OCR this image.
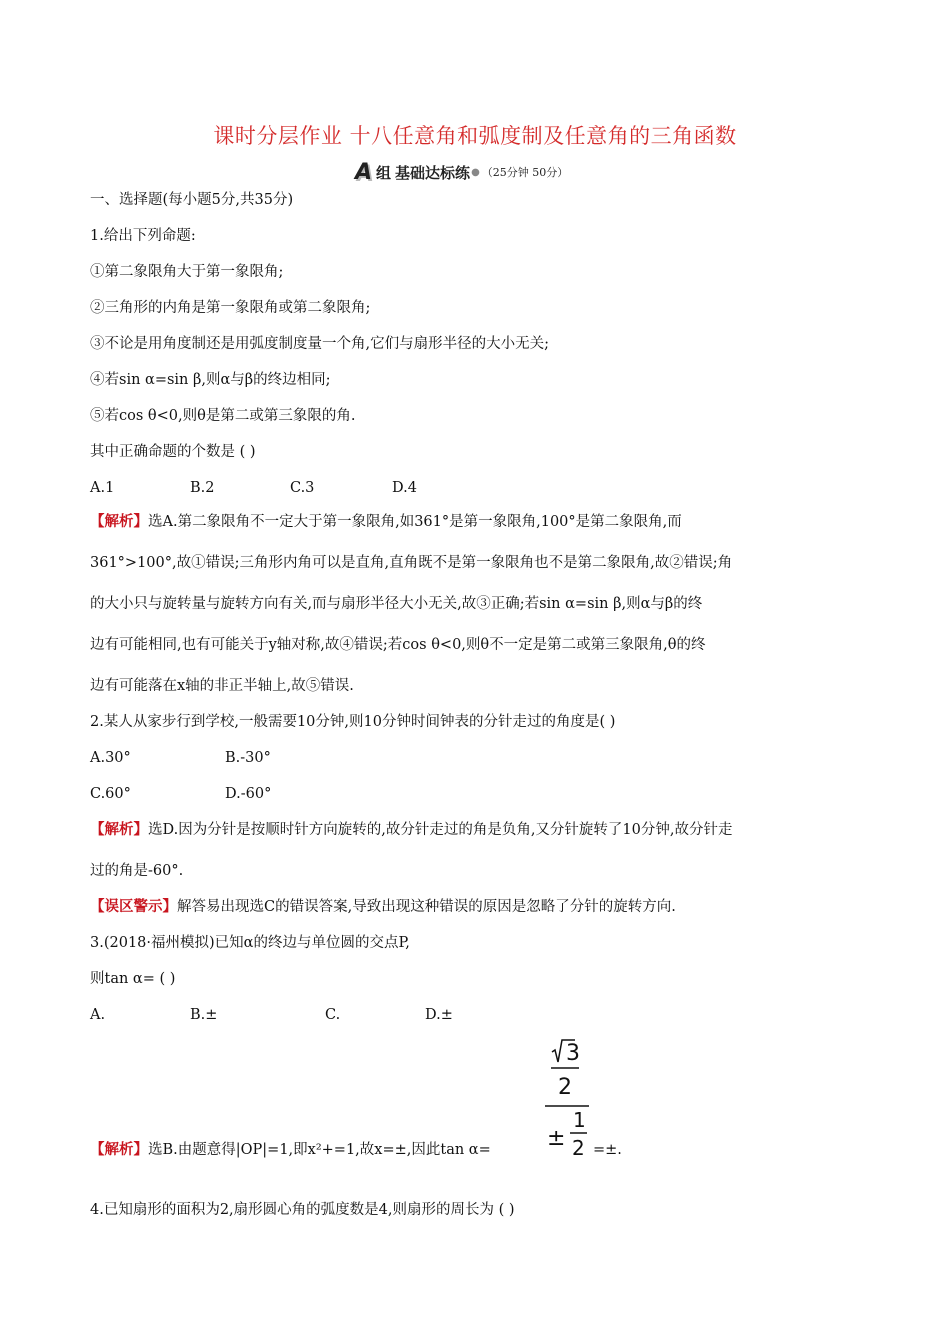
课时分层作业 十八任意角和弧度制及任意角的三角函数
A 组 基础达标练 ● （25分钟 50分）
一、选择题(每小题5分,共35分)
1.给出下列命题:
①第二象限角大于第一象限角;
②三角形的内角是第一象限角或第二象限角;
③不论是用角度制还是用弧度制度量一个角,它们与扇形半径的大小无关;
④若sin α=sin β,则α与β的终边相同;
⑤若cos θ<0,则θ是第二或第三象限的角.
其中正确命题的个数是 ( )
A.1	B.2	C.3	D.4
【解析】选A.第二象限角不一定大于第一象限角,如361°是第一象限角,100°是第二象限角,而
361°>100°,故①错误;三角形内角可以是直角,直角既不是第一象限角也不是第二象限角,故②错误;角
的大小只与旋转量与旋转方向有关,而与扇形半径大小无关,故③正确;若sin α=sin β,则α与β的终
边有可能相同,也有可能关于y轴对称,故④错误;若cos θ<0,则θ不一定是第二或第三象限角,θ的终
边有可能落在x轴的非正半轴上,故⑤错误.
2.某人从家步行到学校,一般需要10分钟,则10分钟时间钟表的分针走过的角度是( )
A.30°	B.-30°
C.60°	D.-60°
【解析】选D.因为分针是按顺时针方向旋转的,故分针走过的角是负角,又分针旋转了10分钟,故分针走
过的角是-60°.
【误区警示】解答易出现选C的错误答案,导致出现这种错误的原因是忽略了分针的旋转方向.
3.(2018·福州模拟)已知α的终边与单位圆的交点P,
则tan α= ( )
A.	B.±	C.	D.±
3
2
±
1
2
【解析】选B.由题意得|OP|=1,即x²+=1,故x=±,因此tan α=	=±.
4.已知扇形的面积为2,扇形圆心角的弧度数是4,则扇形的周长为 ( )
